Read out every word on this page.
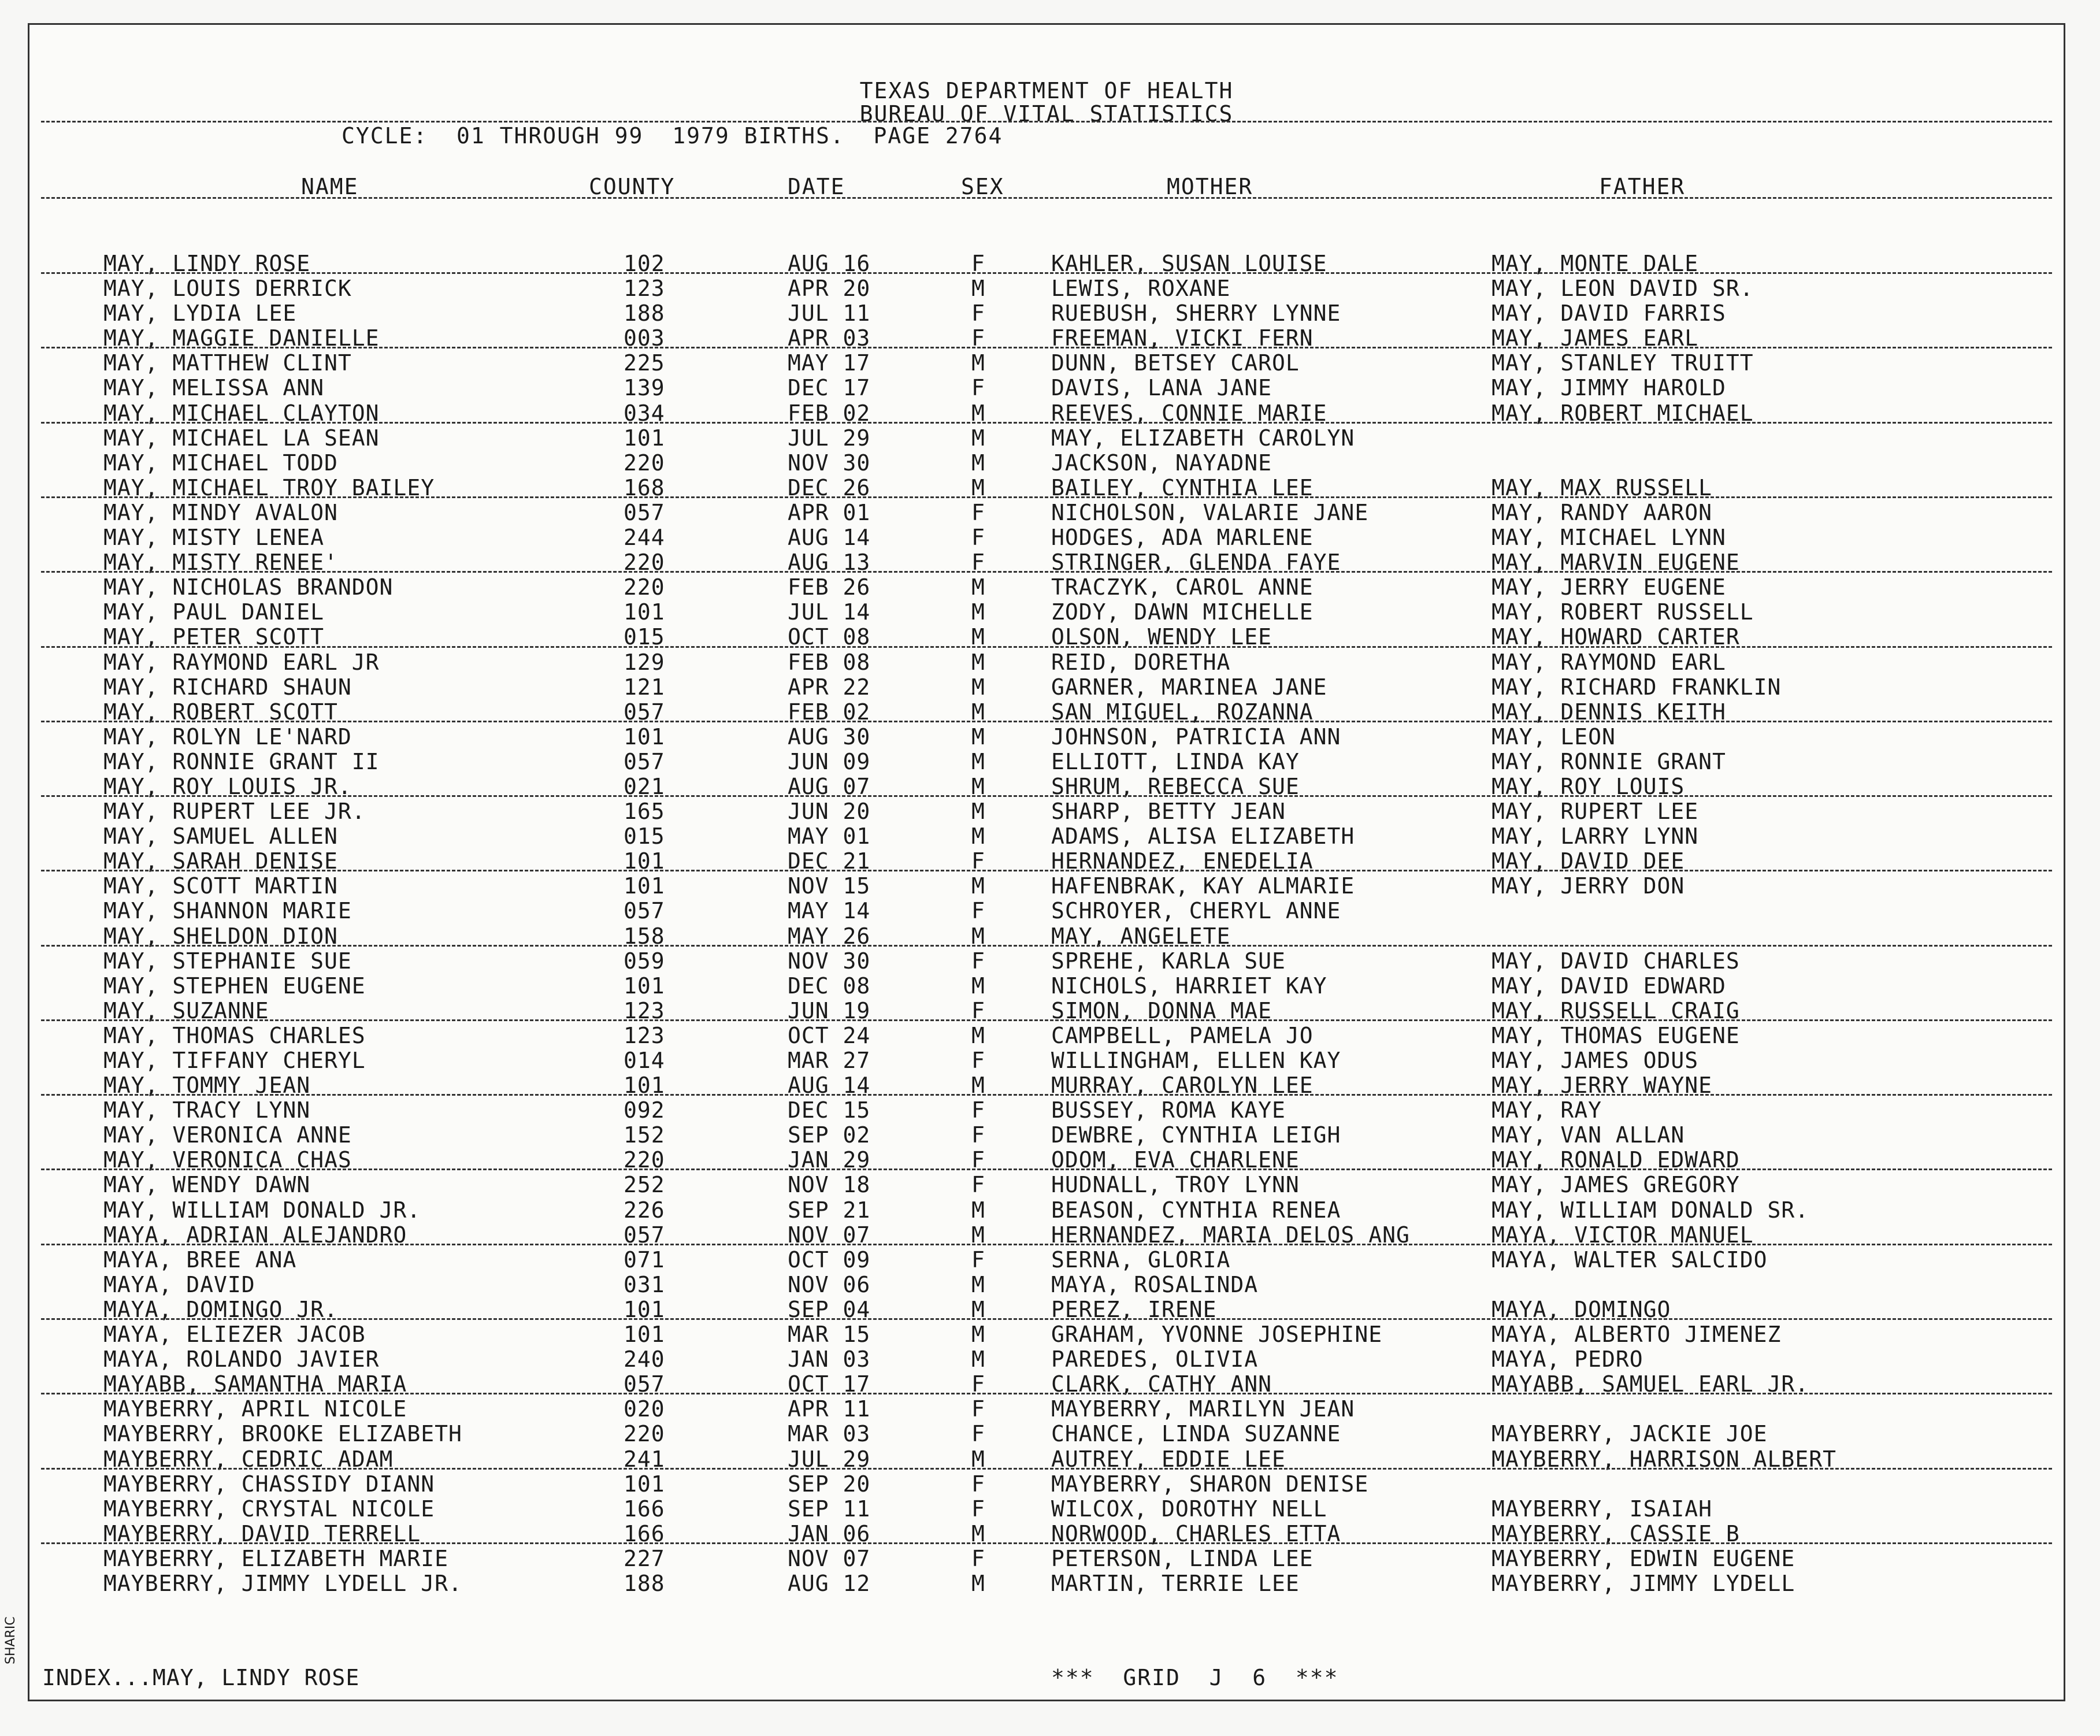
TEXAS DEPARTMENT OF HEALTH
BUREAU OF VITAL STATISTICS
CYCLE:  01 THROUGH 99  1979 BIRTHS.  PAGE 2764
NAME	COUNTY	DATE	SEX	MOTHER	FATHER
MAY, LINDY ROSE	102	AUG 16	F	KAHLER, SUSAN LOUISE	MAY, MONTE DALE
MAY, LOUIS DERRICK	123	APR 20	M	LEWIS, ROXANE	MAY, LEON DAVID SR.
MAY, LYDIA LEE	188	JUL 11	F	RUEBUSH, SHERRY LYNNE	MAY, DAVID FARRIS
MAY, MAGGIE DANIELLE	003	APR 03	F	FREEMAN, VICKI FERN	MAY, JAMES EARL
MAY, MATTHEW CLINT	225	MAY 17	M	DUNN, BETSEY CAROL	MAY, STANLEY TRUITT
MAY, MELISSA ANN	139	DEC 17	F	DAVIS, LANA JANE	MAY, JIMMY HAROLD
MAY, MICHAEL CLAYTON	034	FEB 02	M	REEVES, CONNIE MARIE	MAY, ROBERT MICHAEL
MAY, MICHAEL LA SEAN	101	JUL 29	M	MAY, ELIZABETH CAROLYN
MAY, MICHAEL TODD	220	NOV 30	M	JACKSON, NAYADNE
MAY, MICHAEL TROY BAILEY	168	DEC 26	M	BAILEY, CYNTHIA LEE	MAY, MAX RUSSELL
MAY, MINDY AVALON	057	APR 01	F	NICHOLSON, VALARIE JANE	MAY, RANDY AARON
MAY, MISTY LENEA	244	AUG 14	F	HODGES, ADA MARLENE	MAY, MICHAEL LYNN
MAY, MISTY RENEE'	220	AUG 13	F	STRINGER, GLENDA FAYE	MAY, MARVIN EUGENE
MAY, NICHOLAS BRANDON	220	FEB 26	M	TRACZYK, CAROL ANNE	MAY, JERRY EUGENE
MAY, PAUL DANIEL	101	JUL 14	M	ZODY, DAWN MICHELLE	MAY, ROBERT RUSSELL
MAY, PETER SCOTT	015	OCT 08	M	OLSON, WENDY LEE	MAY, HOWARD CARTER
MAY, RAYMOND EARL JR	129	FEB 08	M	REID, DORETHA	MAY, RAYMOND EARL
MAY, RICHARD SHAUN	121	APR 22	M	GARNER, MARINEA JANE	MAY, RICHARD FRANKLIN
MAY, ROBERT SCOTT	057	FEB 02	M	SAN MIGUEL, ROZANNA	MAY, DENNIS KEITH
MAY, ROLYN LE'NARD	101	AUG 30	M	JOHNSON, PATRICIA ANN	MAY, LEON
MAY, RONNIE GRANT II	057	JUN 09	M	ELLIOTT, LINDA KAY	MAY, RONNIE GRANT
MAY, ROY LOUIS JR.	021	AUG 07	M	SHRUM, REBECCA SUE	MAY, ROY LOUIS
MAY, RUPERT LEE JR.	165	JUN 20	M	SHARP, BETTY JEAN	MAY, RUPERT LEE
MAY, SAMUEL ALLEN	015	MAY 01	M	ADAMS, ALISA ELIZABETH	MAY, LARRY LYNN
MAY, SARAH DENISE	101	DEC 21	F	HERNANDEZ, ENEDELIA	MAY, DAVID DEE
MAY, SCOTT MARTIN	101	NOV 15	M	HAFENBRAK, KAY ALMARIE	MAY, JERRY DON
MAY, SHANNON MARIE	057	MAY 14	F	SCHROYER, CHERYL ANNE
MAY, SHELDON DION	158	MAY 26	M	MAY, ANGELETE
MAY, STEPHANIE SUE	059	NOV 30	F	SPREHE, KARLA SUE	MAY, DAVID CHARLES
MAY, STEPHEN EUGENE	101	DEC 08	M	NICHOLS, HARRIET KAY	MAY, DAVID EDWARD
MAY, SUZANNE	123	JUN 19	F	SIMON, DONNA MAE	MAY, RUSSELL CRAIG
MAY, THOMAS CHARLES	123	OCT 24	M	CAMPBELL, PAMELA JO	MAY, THOMAS EUGENE
MAY, TIFFANY CHERYL	014	MAR 27	F	WILLINGHAM, ELLEN KAY	MAY, JAMES ODUS
MAY, TOMMY JEAN	101	AUG 14	M	MURRAY, CAROLYN LEE	MAY, JERRY WAYNE
MAY, TRACY LYNN	092	DEC 15	F	BUSSEY, ROMA KAYE	MAY, RAY
MAY, VERONICA ANNE	152	SEP 02	F	DEWBRE, CYNTHIA LEIGH	MAY, VAN ALLAN
MAY, VERONICA CHAS	220	JAN 29	F	ODOM, EVA CHARLENE	MAY, RONALD EDWARD
MAY, WENDY DAWN	252	NOV 18	F	HUDNALL, TROY LYNN	MAY, JAMES GREGORY
MAY, WILLIAM DONALD JR.	226	SEP 21	M	BEASON, CYNTHIA RENEA	MAY, WILLIAM DONALD SR.
MAYA, ADRIAN ALEJANDRO	057	NOV 07	M	HERNANDEZ, MARIA DELOS ANG	MAYA, VICTOR MANUEL
MAYA, BREE ANA	071	OCT 09	F	SERNA, GLORIA	MAYA, WALTER SALCIDO
MAYA, DAVID	031	NOV 06	M	MAYA, ROSALINDA
MAYA, DOMINGO JR.	101	SEP 04	M	PEREZ, IRENE	MAYA, DOMINGO
MAYA, ELIEZER JACOB	101	MAR 15	M	GRAHAM, YVONNE JOSEPHINE	MAYA, ALBERTO JIMENEZ
MAYA, ROLANDO JAVIER	240	JAN 03	M	PAREDES, OLIVIA	MAYA, PEDRO
MAYABB, SAMANTHA MARIA	057	OCT 17	F	CLARK, CATHY ANN	MAYABB, SAMUEL EARL JR.
MAYBERRY, APRIL NICOLE	020	APR 11	F	MAYBERRY, MARILYN JEAN
MAYBERRY, BROOKE ELIZABETH	220	MAR 03	F	CHANCE, LINDA SUZANNE	MAYBERRY, JACKIE JOE
MAYBERRY, CEDRIC ADAM	241	JUL 29	M	AUTREY, EDDIE LEE	MAYBERRY, HARRISON ALBERT
MAYBERRY, CHASSIDY DIANN	101	SEP 20	F	MAYBERRY, SHARON DENISE
MAYBERRY, CRYSTAL NICOLE	166	SEP 11	F	WILCOX, DOROTHY NELL	MAYBERRY, ISAIAH
MAYBERRY, DAVID TERRELL	166	JAN 06	M	NORWOOD, CHARLES ETTA	MAYBERRY, CASSIE B
MAYBERRY, ELIZABETH MARIE	227	NOV 07	F	PETERSON, LINDA LEE	MAYBERRY, EDWIN EUGENE
MAYBERRY, JIMMY LYDELL JR.	188	AUG 12	M	MARTIN, TERRIE LEE	MAYBERRY, JIMMY LYDELL
INDEX...MAY, LINDY ROSE	***  GRID  J  6  ***
SHARIC
